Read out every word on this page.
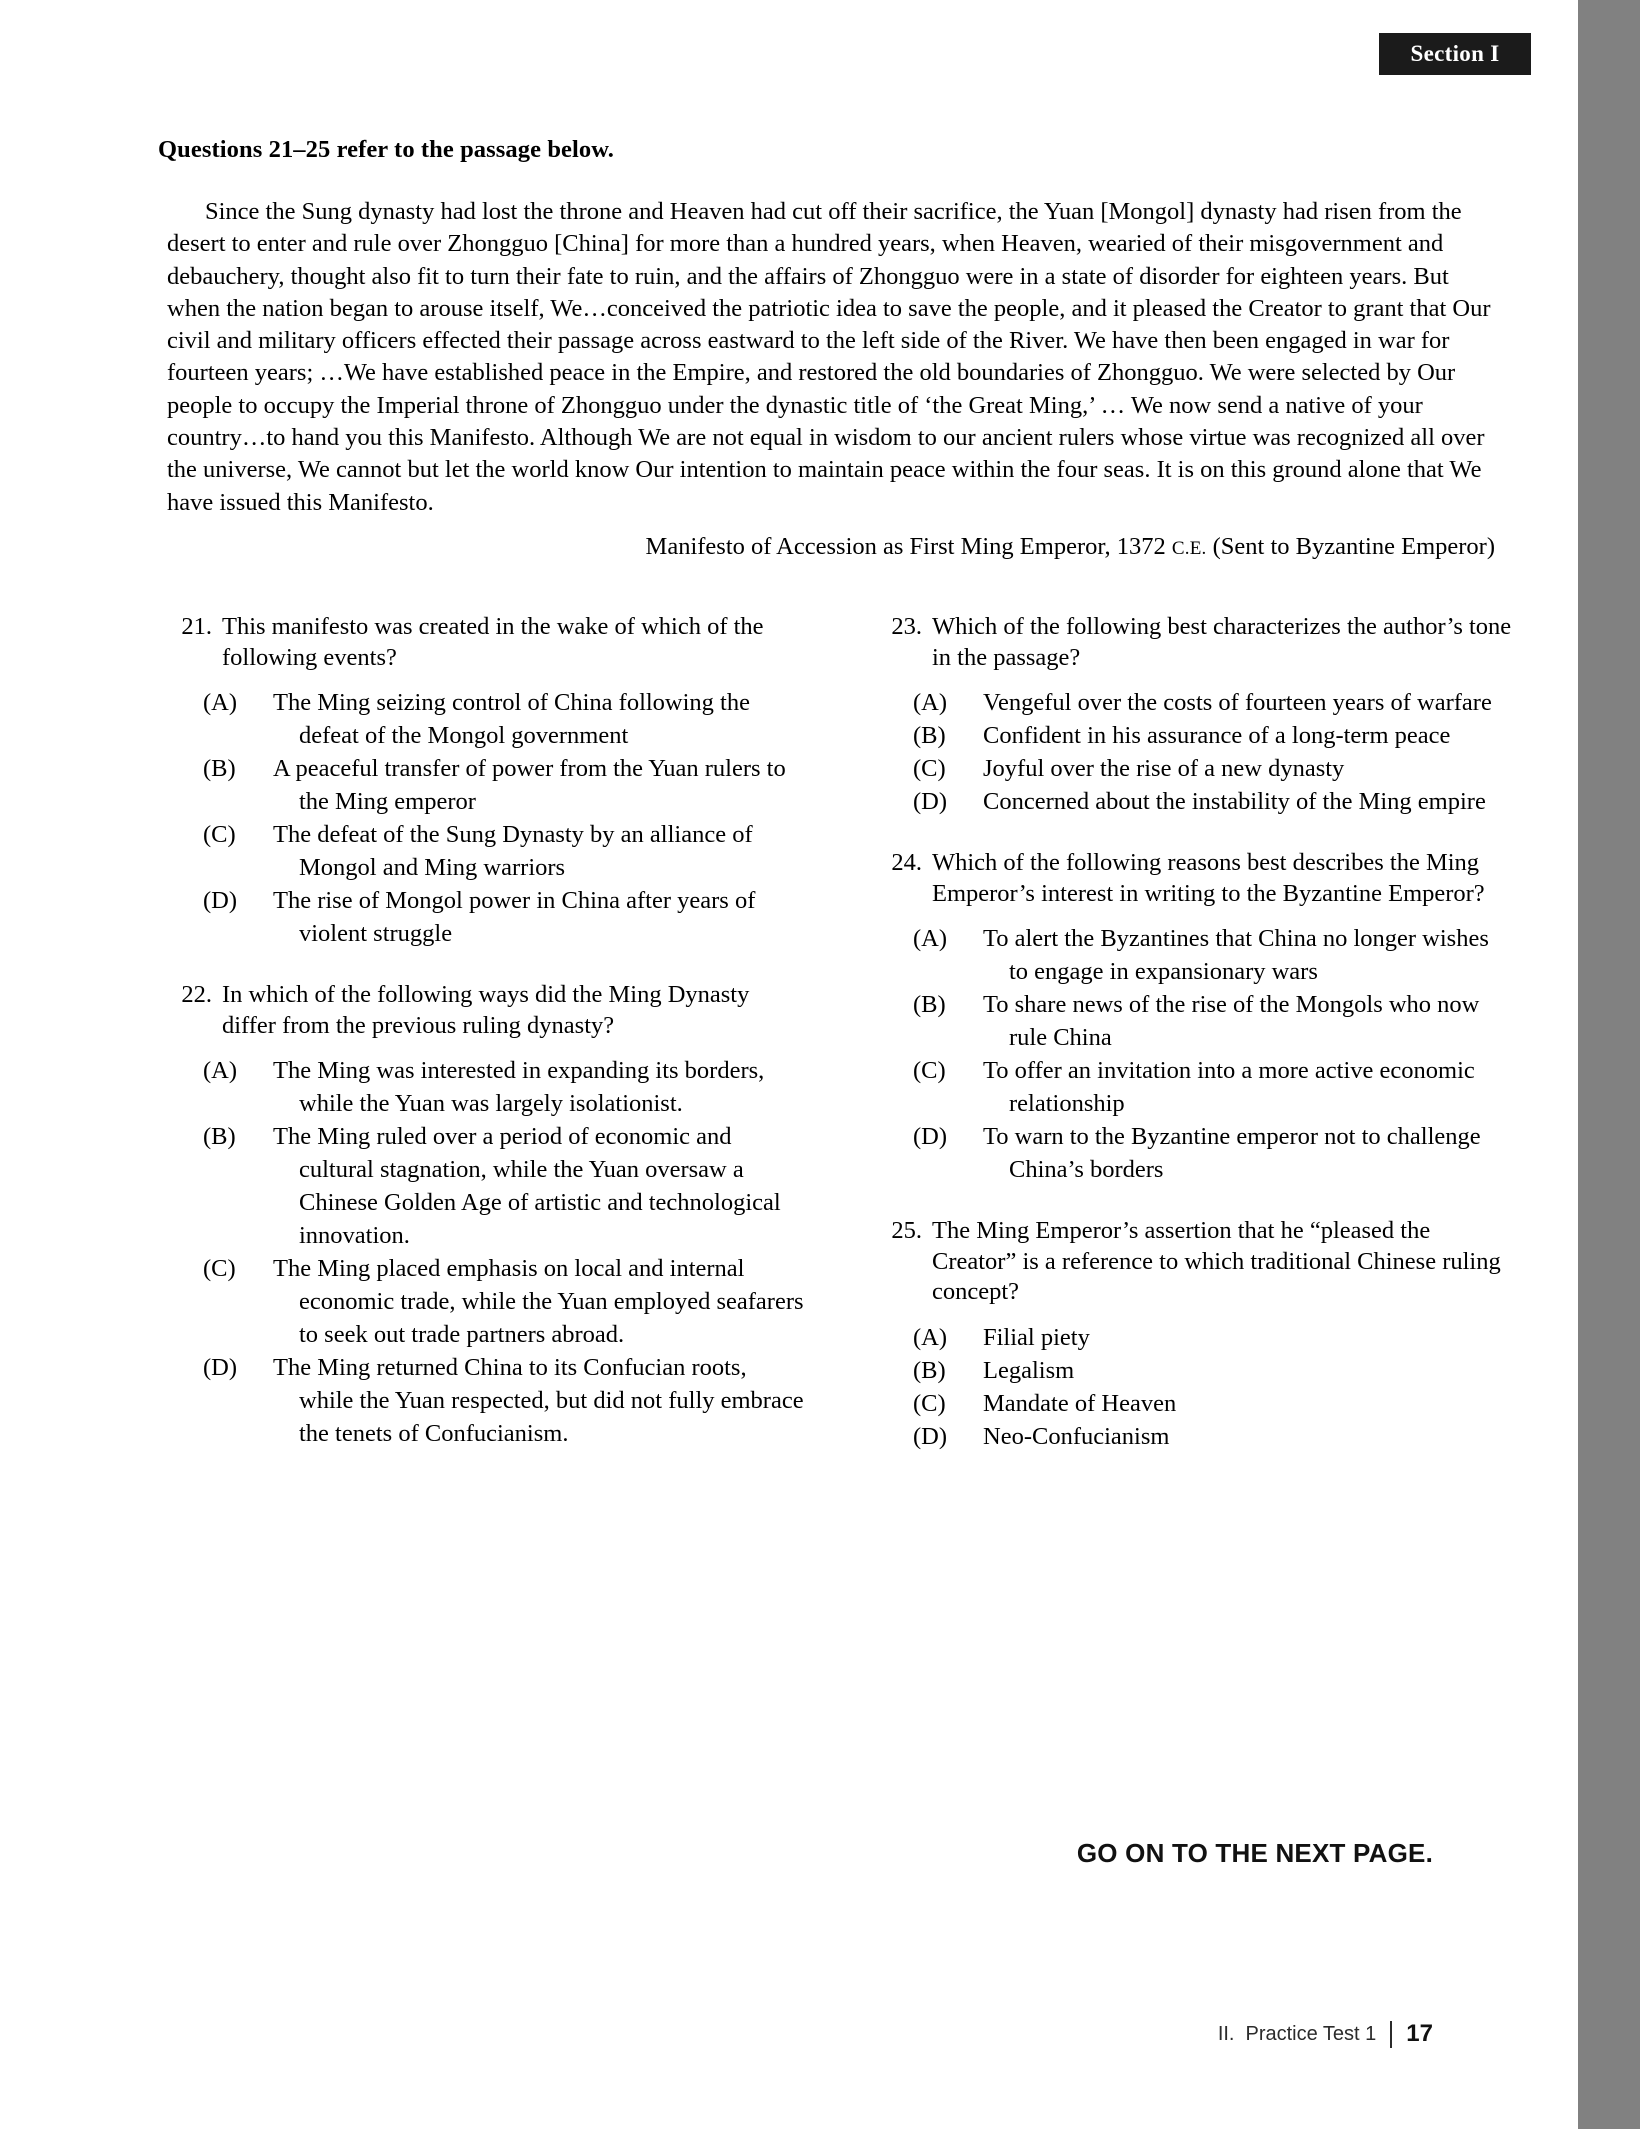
Section I
Questions 21–25 refer to the passage below.
Since the Sung dynasty had lost the throne and Heaven had cut off their sacrifice, the Yuan [Mongol] dynasty had risen from the desert to enter and rule over Zhongguo [China] for more than a hundred years, when Heaven, wearied of their misgovernment and debauchery, thought also fit to turn their fate to ruin, and the affairs of Zhongguo were in a state of disorder for eighteen years. But when the nation began to arouse itself, We…conceived the patriotic idea to save the people, and it pleased the Creator to grant that Our civil and military officers effected their passage across eastward to the left side of the River. We have then been engaged in war for fourteen years; …We have established peace in the Empire, and restored the old boundaries of Zhongguo. We were selected by Our people to occupy the Imperial throne of Zhongguo under the dynastic title of ‘the Great Ming,’ … We now send a native of your country…to hand you this Manifesto. Although We are not equal in wisdom to our ancient rulers whose virtue was recognized all over the universe, We cannot but let the world know Our intention to maintain peace within the four seas. It is on this ground alone that We have issued this Manifesto.
Manifesto of Accession as First Ming Emperor, 1372 C.E. (Sent to Byzantine Emperor)
21. This manifesto was created in the wake of which of the following events?
(A)	The Ming seizing control of China following the
defeat of the Mongol government
(B)	A peaceful transfer of power from the Yuan rulers to
the Ming emperor
(C)	The defeat of the Sung Dynasty by an alliance of
Mongol and Ming warriors
(D)	The rise of Mongol power in China after years of
violent struggle
22. In which of the following ways did the Ming Dynasty differ from the previous ruling dynasty?
(A)	The Ming was interested in expanding its borders,
while the Yuan was largely isolationist.
(B)	The Ming ruled over a period of economic and
cultural stagnation, while the Yuan oversaw a Chinese Golden Age of artistic and technological innovation.
(C)	The Ming placed emphasis on local and internal
economic trade, while the Yuan employed seafarers to seek out trade partners abroad.
(D)	The Ming returned China to its Confucian roots,
while the Yuan respected, but did not fully embrace the tenets of Confucianism.
23. Which of the following best characterizes the author’s tone in the passage?
(A)	Vengeful over the costs of fourteen years of warfare
(B)	Confident in his assurance of a long-term peace
(C)	Joyful over the rise of a new dynasty
(D)	Concerned about the instability of the Ming empire
24. Which of the following reasons best describes the Ming Emperor’s interest in writing to the Byzantine Emperor?
(A)	To alert the Byzantines that China no longer wishes
to engage in expansionary wars
(B)	To share news of the rise of the Mongols who now
rule China
(C)	To offer an invitation into a more active economic
relationship
(D)	To warn to the Byzantine emperor not to challenge
China’s borders
25. The Ming Emperor’s assertion that he “pleased the Creator” is a reference to which traditional Chinese ruling concept?
(A)	Filial piety
(B)	Legalism
(C)	Mandate of Heaven
(D)	Neo-Confucianism
GO ON TO THE NEXT PAGE.
II. Practice Test 1 17
